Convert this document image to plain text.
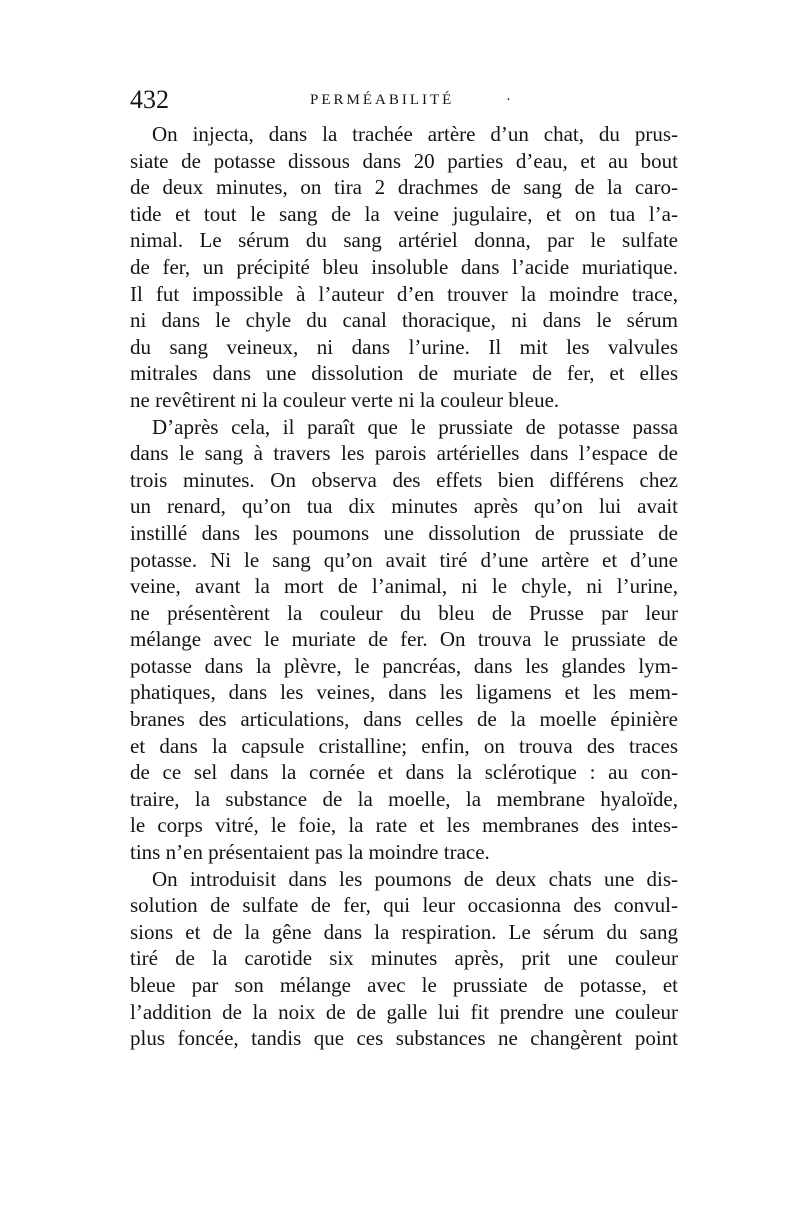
432	PERMÉABILITÉ	·
On injecta, dans la trachée artère d’un chat, du prus-
siate de potasse dissous dans 20 parties d’eau, et au bout
de deux minutes, on tira 2 drachmes de sang de la caro-
tide et tout le sang de la veine jugulaire, et on tua l’a-
nimal. Le sérum du sang artériel donna, par le sulfate
de fer, un précipité bleu insoluble dans l’acide muriatique.
Il fut impossible à l’auteur d’en trouver la moindre trace,
ni dans le chyle du canal thoracique, ni dans le sérum
du sang veineux, ni dans l’urine. Il mit les valvules
mitrales dans une dissolution de muriate de fer, et elles
ne revêtirent ni la couleur verte ni la couleur bleue.
D’après cela, il paraît que le prussiate de potasse passa
dans le sang à travers les parois artérielles dans l’espace de
trois minutes. On observa des effets bien différens chez
un renard, qu’on tua dix minutes après qu’on lui avait
instillé dans les poumons une dissolution de prussiate de
potasse. Ni le sang qu’on avait tiré d’une artère et d’une
veine, avant la mort de l’animal, ni le chyle, ni l’urine,
ne présentèrent la couleur du bleu de Prusse par leur
mélange avec le muriate de fer. On trouva le prussiate de
potasse dans la plèvre, le pancréas, dans les glandes lym-
phatiques, dans les veines, dans les ligamens et les mem-
branes des articulations, dans celles de la moelle épinière
et dans la capsule cristalline; enfin, on trouva des traces
de ce sel dans la cornée et dans la sclérotique : au con-
traire, la substance de la moelle, la membrane hyaloïde,
le corps vitré, le foie, la rate et les membranes des intes-
tins n’en présentaient pas la moindre trace.
On introduisit dans les poumons de deux chats une dis-
solution de sulfate de fer, qui leur occasionna des convul-
sions et de la gêne dans la respiration. Le sérum du sang
tiré de la carotide six minutes après, prit une couleur
bleue par son mélange avec le prussiate de potasse, et
l’addition de la noix de de galle lui fit prendre une couleur
plus foncée, tandis que ces substances ne changèrent point
